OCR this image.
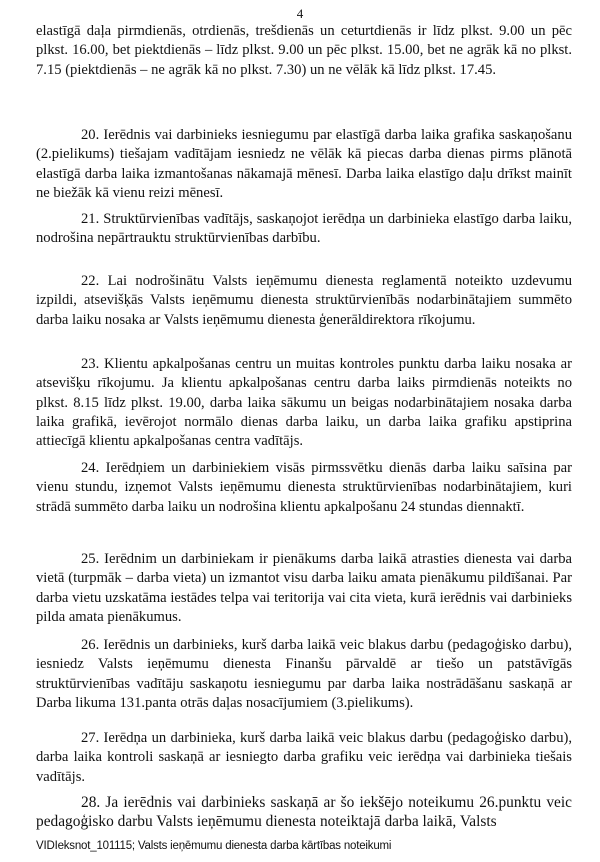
4

elastīgā daļa pirmdienās, otrdienās, trešdienās un ceturtdienās ir līdz plkst. 9.00 un pēc plkst. 16.00, bet piektdienās – līdz plkst. 9.00 un pēc plkst. 15.00, bet ne agrāk kā no plkst. 7.15 (piektdienās – ne agrāk kā no plkst. 7.30) un ne vēlāk kā līdz plkst. 17.45.

20. Ierēdnis vai darbinieks iesniegumu par elastīgā darba laika grafika saskaņošanu (2.pielikums) tiešajam vadītājam iesniedz ne vēlāk kā piecas darba dienas pirms plānotā elastīgā darba laika izmantošanas nākamajā mēnesī. Darba laika elastīgo daļu drīkst mainīt ne biežāk kā vienu reizi mēnesī.

21. Struktūrvienības vadītājs, saskaņojot ierēdņa un darbinieka elastīgo darba laiku, nodrošina nepārtrauktu struktūrvienības darbību.

22. Lai nodrošinātu Valsts ieņēmumu dienesta reglamentā noteikto uzdevumu izpildi, atsevišķās Valsts ieņēmumu dienesta struktūrvienībās nodarbinātajiem summēto darba laiku nosaka ar Valsts ieņēmumu dienesta ģenerāldirektora rīkojumu.

23. Klientu apkalpošanas centru un muitas kontroles punktu darba laiku nosaka ar atsevišķu rīkojumu. Ja klientu apkalpošanas centru darba laiks pirmdienās noteikts no plkst. 8.15 līdz plkst. 19.00, darba laika sākumu un beigas nodarbinātajiem nosaka darba laika grafikā, ievērojot normālo dienas darba laiku, un darba laika grafiku apstiprina attiecīgā klientu apkalpošanas centra vadītājs.

24. Ierēdņiem un darbiniekiem visās pirmssvētku dienās darba laiku saīsina par vienu stundu, izņemot Valsts ieņēmumu dienesta struktūrvienības nodarbinātajiem, kuri strādā summēto darba laiku un nodrošina klientu apkalpošanu 24 stundas diennaktī.

25. Ierēdnim un darbiniekam ir pienākums darba laikā atrasties dienesta vai darba vietā (turpmāk – darba vieta) un izmantot visu darba laiku amata pienākumu pildīšanai. Par darba vietu uzskatāma iestādes telpa vai teritorija vai cita vieta, kurā ierēdnis vai darbinieks pilda amata pienākumus.

26. Ierēdnis un darbinieks, kurš darba laikā veic blakus darbu (pedagoģisko darbu), iesniedz Valsts ieņēmumu dienesta Finanšu pārvaldē ar tiešo un patstāvīgās struktūrvienības vadītāju saskaņotu iesniegumu par darba laika nostrādāšanu saskaņā ar Darba likuma 131.panta otrās daļas nosacījumiem (3.pielikums).

27. Ierēdņa un darbinieka, kurš darba laikā veic blakus darbu (pedagoģisko darbu), darba laika kontroli saskaņā ar iesniegto darba grafiku veic ierēdņa vai darbinieka tiešais vadītājs.

28. Ja ierēdnis vai darbinieks saskaņā ar šo iekšējo noteikumu 26.punktu veic pedagoģisko darbu Valsts ieņēmumu dienesta noteiktajā darba laikā, Valsts

VIDIeksnot_101115; Valsts ieņēmumu dienesta darba kārtības noteikumi
